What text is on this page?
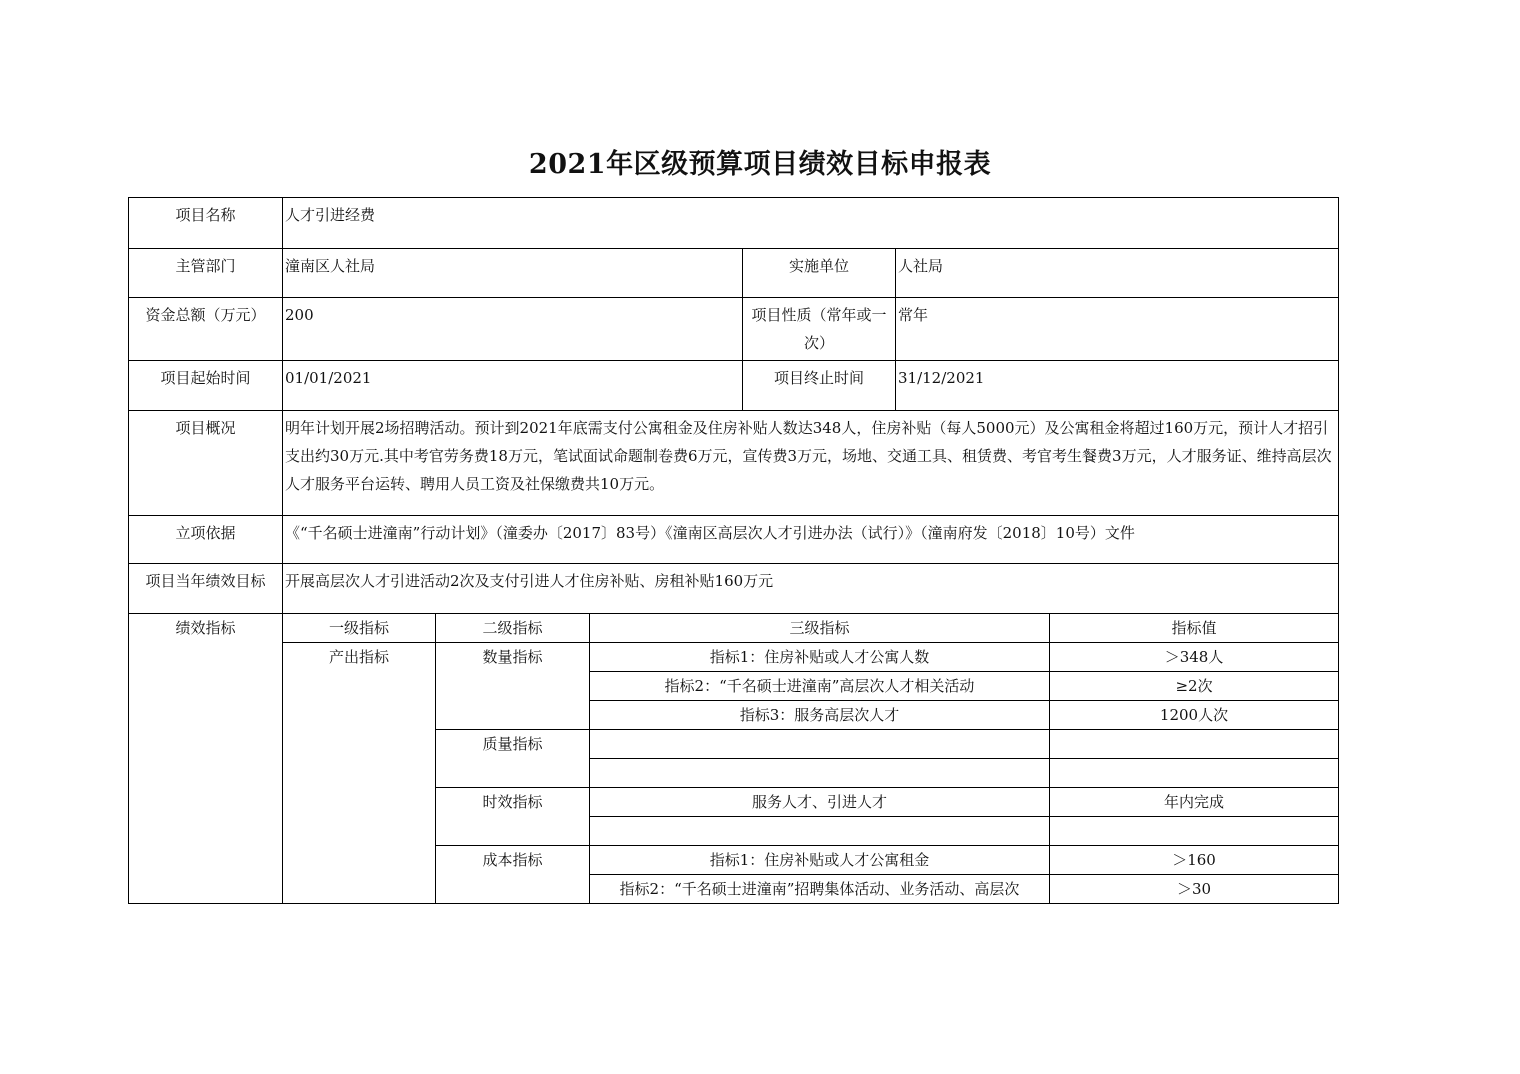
2021年区级预算项目绩效目标申报表
项目名称	人才引进经费					
主管部门	潼南区人社局			实施单位	人社局	
资金总额（万元）	200			项目性质（常年或一次）	常年	
项目起始时间	01/01/2021			项目终止时间	31/12/2021	
项目概况	明年计划开展2场招聘活动。预计到2021年底需支付公寓租金及住房补贴人数达348人，住房补贴（每人5000元）及公寓租金将超过160万元，预计人才招引支出约30万元.其中考官劳务费18万元，笔试面试命题制卷费6万元，宣传费3万元，场地、交通工具、租赁费、考官考生餐费3万元，人才服务证、维持高层次人才服务平台运转、聘用人员工资及社保缴费共10万元。					
立项依据	《“千名硕士进潼南”行动计划》（潼委办〔2017〕83号）《潼南区高层次人才引进办法（试行）》（潼南府发〔2018〕10号）文件					
项目当年绩效目标	开展高层次人才引进活动2次及支付引进人才住房补贴、房租补贴160万元					
绩效指标	一级指标	二级指标	三级指标			指标值
	产出指标	数量指标	指标1：住房补贴或人才公寓人数			＞348人
			指标2：“千名硕士进潼南”高层次人才相关活动			≥2次
			指标3：服务高层次人才			1200人次
		质量指标				

		时效指标	服务人才、引进人才			年内完成

		成本指标	指标1：住房补贴或人才公寓租金			＞160
			指标2：“千名硕士进潼南”招聘集体活动、业务活动、高层次			＞30
